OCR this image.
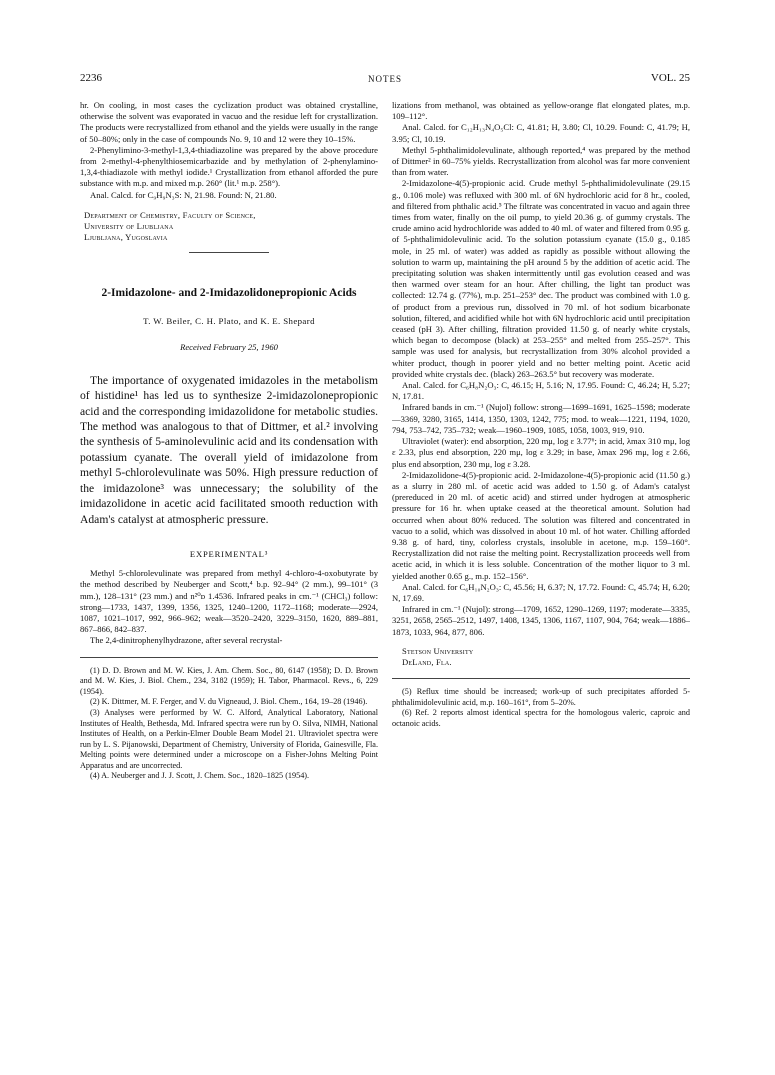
2236	NOTES	VOL. 25

hr. On cooling, in most cases the cyclization product was obtained crystalline, otherwise the solvent was evaporated in vacuo and the residue left for crystallization. The products were recrystallized from ethanol and the yields were usually in the range of 50–80%; only in the case of compounds No. 9, 10 and 12 were they 10–15%.

2-Phenylimino-3-methyl-1,3,4-thiadiazoline was prepared by the above procedure from 2-methyl-4-phenylthiosemicarbazide and by methylation of 2-phenylamino-1,3,4-thiadiazole with methyl iodide.¹ Crystallization from ethanol afforded the pure substance with m.p. and mixed m.p. 260° (lit.¹ m.p. 258°).

Anal. Calcd. for C₉H₉N₃S: N, 21.98. Found: N, 21.80.

Department of Chemistry, Faculty of Science,

University of Ljubljana

Ljubljana, Yugoslavia

2-Imidazolone- and 2-Imidazolidonepropionic Acids

T. W. Beiler, C. H. Plato, and K. E. Shepard

Received February 25, 1960

The importance of oxygenated imidazoles in the metabolism of histidine¹ has led us to synthesize 2-imidazolonepropionic acid and the corresponding imidazolidone for metabolic studies. The method was analogous to that of Dittmer, et al.² involving the synthesis of 5-aminolevulinic acid and its condensation with potassium cyanate. The overall yield of imidazolone from methyl 5-chlorolevulinate was 50%. High pressure reduction of the imidazolone³ was unnecessary; the solubility of the imidazolidone in acetic acid facilitated smooth reduction with Adam's catalyst at atmospheric pressure.

EXPERIMENTAL³

Methyl 5-chlorolevulinate was prepared from methyl 4-chloro-4-oxobutyrate by the method described by Neuberger and Scott,⁴ b.p. 92–94° (2 mm.), 99–101° (3 mm.), 128–131° (23 mm.) and n²⁰ᴅ 1.4536. Infrared peaks in cm.⁻¹ (CHCl₃) follow: strong—1733, 1437, 1399, 1356, 1325, 1240–1200, 1172–1168; moderate—2924, 1087, 1021–1017, 992, 966–962; weak—3520–2420, 3229–3150, 1620, 889–881, 867–866, 842–837.

The 2,4-dinitrophenylhydrazone, after several recrystal-

(1) D. D. Brown and M. W. Kies, J. Am. Chem. Soc., 80, 6147 (1958); D. D. Brown and M. W. Kies, J. Biol. Chem., 234, 3182 (1959); H. Tabor, Pharmacol. Revs., 6, 229 (1954).

(2) K. Dittmer, M. F. Ferger, and V. du Vigneaud, J. Biol. Chem., 164, 19–28 (1946).

(3) Analyses were performed by W. C. Alford, Analytical Laboratory, National Institutes of Health, Bethesda, Md. Infrared spectra were run by O. Silva, NIMH, National Institutes of Health, on a Perkin-Elmer Double Beam Model 21. Ultraviolet spectra were run by L. S. Pijanowski, Department of Chemistry, University of Florida, Gainesville, Fla. Melting points were determined under a microscope on a Fisher-Johns Melting Point Apparatus and are uncorrected.

(4) A. Neuberger and J. J. Scott, J. Chem. Soc., 1820–1825 (1954).

lizations from methanol, was obtained as yellow-orange flat elongated plates, m.p. 109–112°.

Anal. Calcd. for C₁₂H₁₃N₄O₅Cl: C, 41.81; H, 3.80; Cl, 10.29. Found: C, 41.79; H, 3.95; Cl, 10.19.

Methyl 5-phthalimidolevulinate, although reported,⁴ was prepared by the method of Dittmer² in 60–75% yields. Recrystallization from alcohol was far more convenient than from water.

2-Imidazolone-4(5)-propionic acid. Crude methyl 5-phthalimidolevulinate (29.15 g., 0.106 mole) was refluxed with 300 ml. of 6N hydrochloric acid for 8 hr., cooled, and filtered from phthalic acid.⁵ The filtrate was concentrated in vacuo and again three times from water, finally on the oil pump, to yield 20.36 g. of gummy crystals. The crude amino acid hydrochloride was added to 40 ml. of water and filtered from 0.95 g. of 5-phthalimidolevulinic acid. To the solution potassium cyanate (15.0 g., 0.185 mole, in 25 ml. of water) was added as rapidly as possible without allowing the solution to warm up, maintaining the pH around 5 by the addition of acetic acid. The precipitating solution was shaken intermittently until gas evolution ceased and was then warmed over steam for an hour. After chilling, the light tan product was collected: 12.74 g. (77%), m.p. 251–253° dec. The product was combined with 1.0 g. of product from a previous run, dissolved in 70 ml. of hot sodium bicarbonate solution, filtered, and acidified while hot with 6N hydrochloric acid until precipitation ceased (pH 3). After chilling, filtration provided 11.50 g. of nearly white crystals, which began to decompose (black) at 253–255° and melted from 255–257°. This sample was used for analysis, but recrystallization from 30% alcohol provided a whiter product, though in poorer yield and no better melting point. Acetic acid provided white crystals dec. (black) 263–263.5° but recovery was moderate.

Anal. Calcd. for C₆H₈N₂O₃: C, 46.15; H, 5.16; N, 17.95. Found: C, 46.24; H, 5.27; N, 17.81.

Infrared bands in cm.⁻¹ (Nujol) follow: strong—1699–1691, 1625–1598; moderate—3369, 3280, 3165, 1414, 1350, 1303, 1242, 775; mod. to weak—1221, 1194, 1020, 794, 753–742, 735–732; weak—1960–1909, 1085, 1058, 1003, 919, 910.

Ultraviolet (water): end absorption, 220 mμ, log ε 3.77⁶; in acid, λmax 310 mμ, log ε 2.33, plus end absorption, 220 mμ, log ε 3.29; in base, λmax 296 mμ, log ε 2.66, plus end absorption, 230 mμ, log ε 3.28.

2-Imidazolidone-4(5)-propionic acid. 2-Imidazolone-4(5)-propionic acid (11.50 g.) as a slurry in 280 ml. of acetic acid was added to 1.50 g. of Adam's catalyst (prereduced in 20 ml. of acetic acid) and stirred under hydrogen at atmospheric pressure for 16 hr. when uptake ceased at the theoretical amount. Solution had occurred when about 80% reduced. The solution was filtered and concentrated in vacuo to a solid, which was dissolved in about 10 ml. of hot water. Chilling afforded 9.38 g. of hard, tiny, colorless crystals, insoluble in acetone, m.p. 159–160°. Recrystallization did not raise the melting point. Recrystallization proceeds well from acetic acid, in which it is less soluble. Concentration of the mother liquor to 3 ml. yielded another 0.65 g., m.p. 152–156°.

Anal. Calcd. for C₆H₁₀N₂O₃: C, 45.56; H, 6.37; N, 17.72. Found: C, 45.74; H, 6.20; N, 17.69.

Infrared in cm.⁻¹ (Nujol): strong—1709, 1652, 1290–1269, 1197; moderate—3335, 3251, 2658, 2565–2512, 1497, 1408, 1345, 1306, 1167, 1107, 904, 764; weak—1886–1873, 1033, 964, 877, 806.

Stetson University

DeLand, Fla.

(5) Reflux time should be increased; work-up of such precipitates afforded 5-phthalimidolevulinic acid, m.p. 160–161°, from 5–20%.

(6) Ref. 2 reports almost identical spectra for the homologous valeric, caproic and octanoic acids.
